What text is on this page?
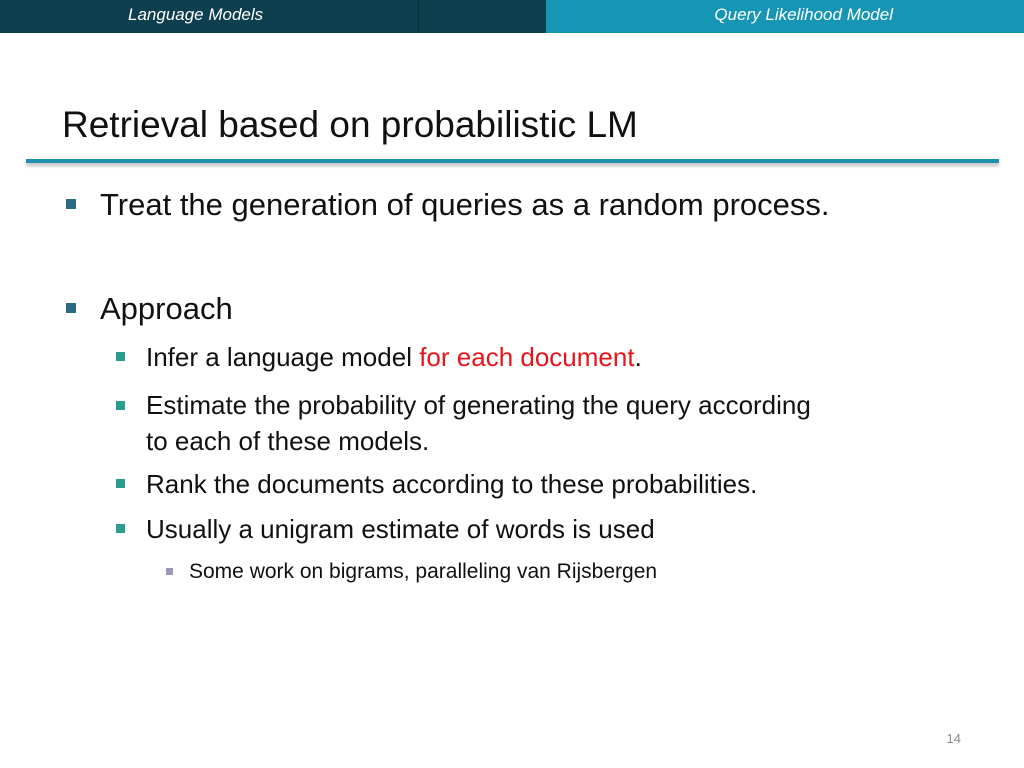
Language Models	Query Likelihood Model
Retrieval based on probabilistic LM
Treat the generation of queries as a random process.
Approach
Infer a language model for each document.
Estimate the probability of generating the query according
to each of these models.
Rank the documents according to these probabilities.
Usually a unigram estimate of words is used
Some work on bigrams, paralleling van Rijsbergen
14
